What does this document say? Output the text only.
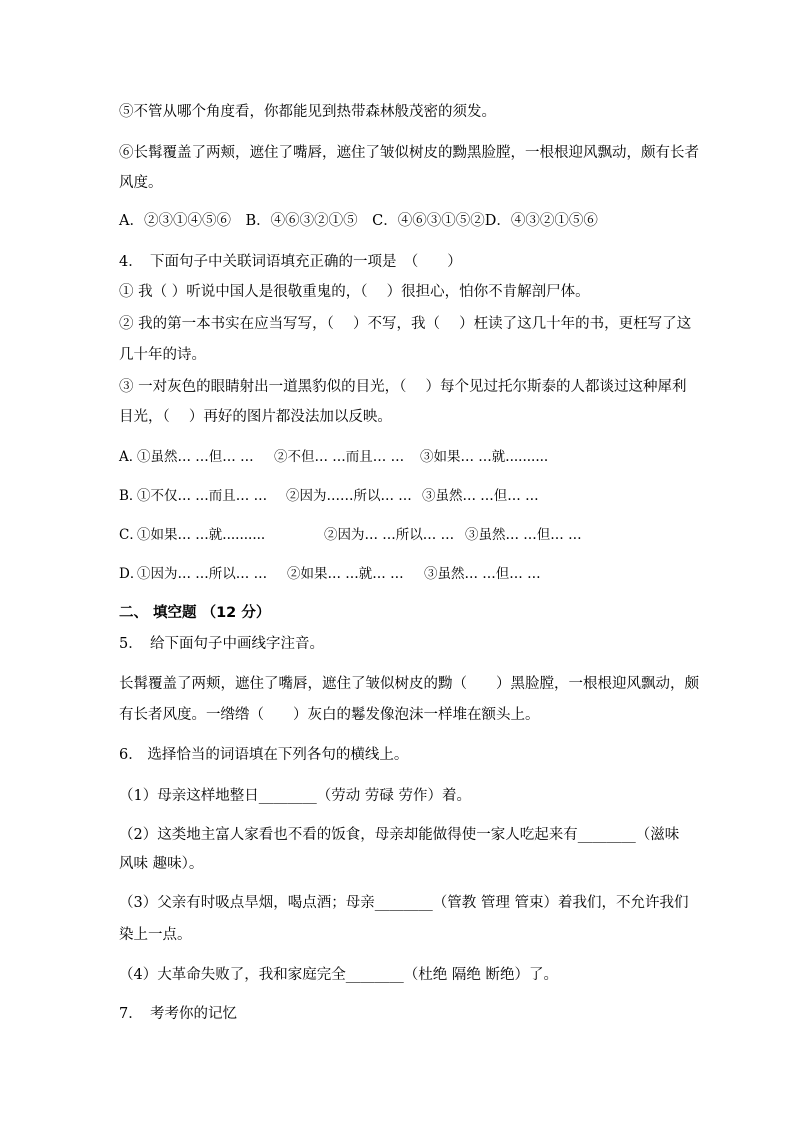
⑤不管从哪个角度看，你都能见到热带森林般茂密的须发。
⑥长髯覆盖了两颊，遮住了嘴唇，遮住了皱似树皮的黝黑脸膛，一根根迎风飘动，颇有长者
风度。
A．②③①④⑤⑥　B．④⑥③②①⑤　C．④⑥③①⑤②D．④③②①⑤⑥
4．　下面句子中关联词语填充正确的一项是　（　　）
① 我（ ）听说中国人是很敬重鬼的，（　 ）很担心，怕你不肯解剖尸体。
② 我的第一本书实在应当写写，（　 ）不写，我（　 ）枉读了这几十年的书，更枉写了这
几十年的诗。
③ 一对灰色的眼睛射出一道黑豹似的目光，（　 ）每个见过托尔斯泰的人都谈过这种犀利
目光，（　 ）再好的图片都没法加以反映。
A．①虽然… …但… … ②不但… …而且… … ③如果… …就..........
B．①不仅… …而且… … ②因为……所以… … ③虽然… …但… …
C．①如果… …就..........	②因为… …所以… … ③虽然… …但… …
D．①因为… …所以… … ②如果… …就… … ③虽然… …但… …
二、 填空题 （12 分）
5．　给下面句子中画线字注音。
长髯覆盖了两颊，遮住了嘴唇，遮住了皱似树皮的黝（　　）黑脸膛，一根根迎风飘动，颇
有长者风度。一绺绺（　　）灰白的鬈发像泡沫一样堆在额头上。
6． 选择恰当的词语填在下列各句的横线上。
（1）母亲这样地整日________（劳动 劳碌 劳作）着。
（2）这类地主富人家看也不看的饭食，母亲却能做得使一家人吃起来有________（滋味
风味 趣味）。
（3）父亲有时吸点旱烟，喝点酒；母亲________（管教 管理 管束）着我们，不允许我们
染上一点。
（4）大革命失败了，我和家庭完全________（杜绝 隔绝 断绝）了。
7．　考考你的记忆
